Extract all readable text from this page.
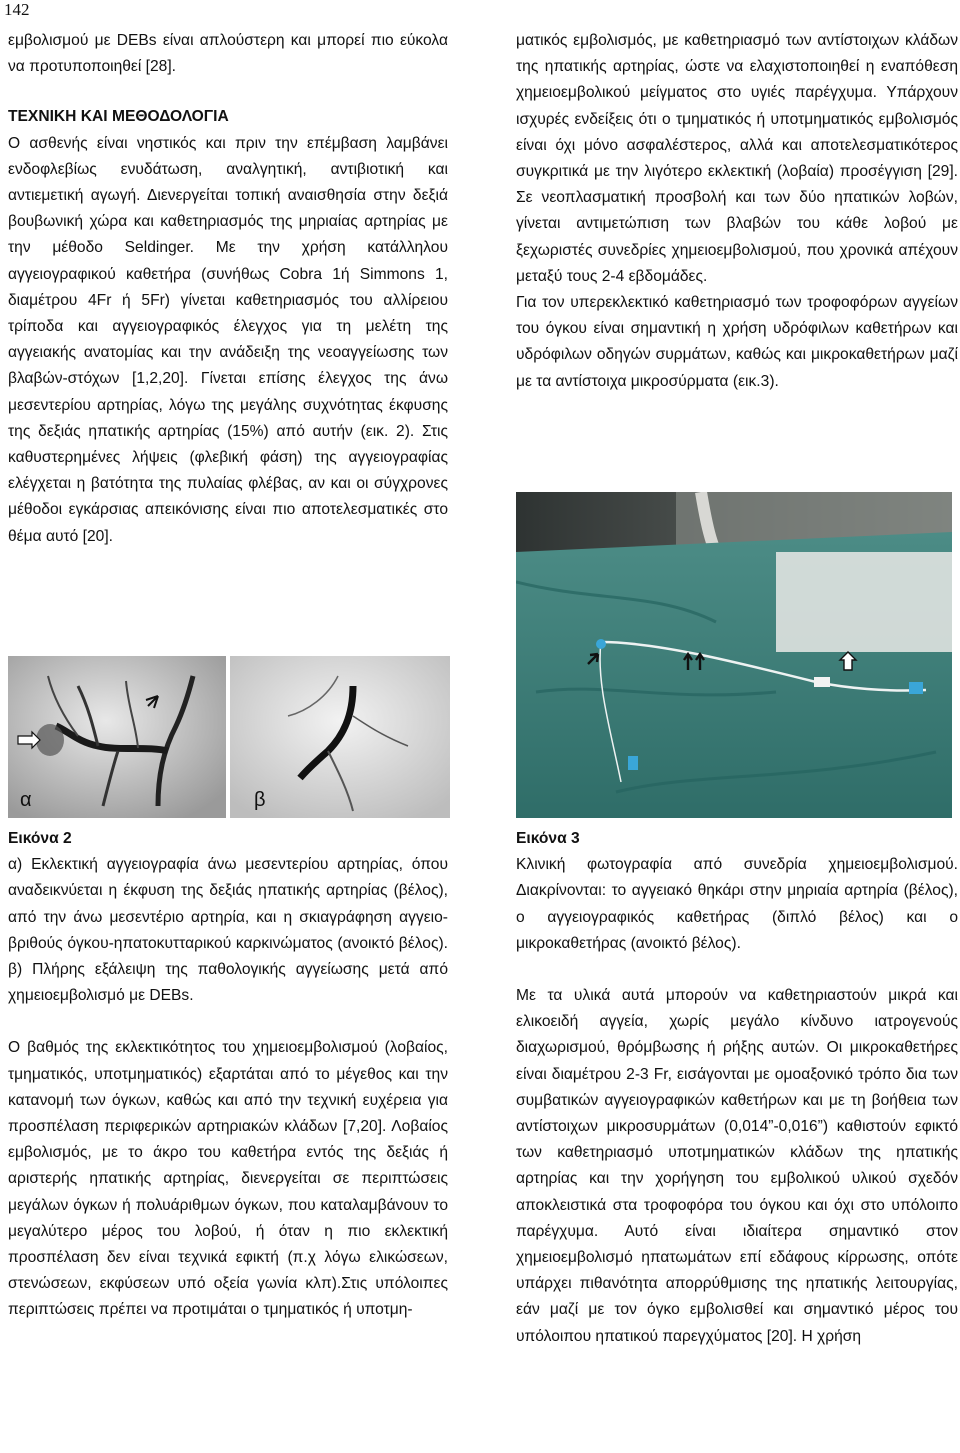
142

εμβολισμού με DEBs είναι απλούστερη και μπορεί πιο εύκολα να προτυποποιηθεί [28].

ΤΕΧΝΙΚΗ ΚΑΙ ΜΕΘΟΔΟΛΟΓΙΑ

Ο ασθενής είναι νηστικός και πριν την επέμβαση λαμβάνει ενδοφλεβίως ενυδάτωση, αναλγητική, αντιβιοτική και αντιεμετική αγωγή. Διενεργείται τοπική αναισθησία στην δεξιά βουβωνική χώρα και καθετηριασμός της μηριαίας αρτηρίας με την μέθοδο Seldinger. Με την χρήση κατάλληλου αγγειογραφικού καθετήρα (συνήθως Cobra 1ή Simmons 1, διαμέτρου 4Fr ή 5Fr) γίνεται καθετηριασμός του αλλίρειου τρίποδα και αγγειογραφικός έλεγχος για τη μελέτη της αγγειακής ανατομίας και την ανάδειξη της νεοαγγείωσης των βλαβών-στόχων [1,2,20]. Γίνεται επίσης έλεγχος της άνω μεσεντερίου αρτηρίας, λόγω της μεγάλης συχνότητας έκφυσης της δεξιάς ηπατικής αρτηρίας (15%) από αυτήν (εικ. 2). Στις καθυστερημένες λήψεις (φλεβική φάση) της αγγειογραφίας ελέγχεται η βατότητα της πυλαίας φλέβας, αν και οι σύγχρονες μέθοδοι εγκάρσιας απεικόνισης είναι πιο αποτελεσματικές στο θέμα αυτό [20].

ματικός εμβολισμός, με καθετηριασμό των αντίστοιχων κλάδων της ηπατικής αρτηρίας, ώστε να ελαχιστοποιηθεί η εναπόθεση χημειοεμβολικού μείγματος στο υγιές παρέγχυμα. Υπάρχουν ισχυρές ενδείξεις ότι ο τμηματικός ή υποτμηματικός εμβολισμός είναι όχι μόνο ασφαλέστερος, αλλά και αποτελεσματικότερος συγκριτικά με την λιγότερο εκλεκτική (λοβαία) προσέγγιση [29]. Σε νεοπλασματική προσβολή και των δύο ηπατικών λοβών, γίνεται αντιμετώπιση των βλαβών του κάθε λοβού με ξεχωριστές συνεδρίες χημειοεμβολισμού, που χρονικά απέχουν μεταξύ τους 2-4 εβδομάδες.

Για τον υπερεκλεκτικό καθετηριασμό των τροφοφόρων αγγείων του όγκου είναι σημαντική η χρήση υδρόφιλων καθετήρων και υδρόφιλων οδηγών συρμάτων, καθώς και μικροκαθετήρων μαζί με τα αντίστοιχα μικροσύρματα (εικ.3).

α	β

Εικόνα 2

α) Εκλεκτική αγγειογραφία άνω μεσεντερίου αρτηρίας, όπου αναδεικνύεται η έκφυση της δεξιάς ηπατικής αρτηρίας (βέλος), από την άνω μεσεντέριο αρτηρία, και η σκιαγράφηση αγγειοβριθούς όγκου-ηπατοκυτταρικού καρκινώματος (ανοικτό βέλος). β) Πλήρης εξάλειψη της παθολογικής αγγείωσης μετά από χημειοεμβολισμό με DEBs.

Ο βαθμός της εκλεκτικότητος του χημειοεμβολισμού (λοβαίος, τμηματικός, υποτμηματικός) εξαρτάται από το μέγεθος και την κατανομή των όγκων, καθώς και από την τεχνική ευχέρεια για προσπέλαση περιφερικών αρτηριακών κλάδων [7,20]. Λοβαίος εμβολισμός, με το άκρο του καθετήρα εντός της δεξιάς ή αριστερής ηπατικής αρτηρίας, διενεργείται σε περιπτώσεις μεγάλων όγκων ή πολυάριθμων όγκων, που καταλαμβάνουν το μεγαλύτερο μέρος του λοβού, ή όταν η πιο εκλεκτική προσπέλαση δεν είναι τεχνικά εφικτή (π.χ λόγω ελικώσεων, στενώσεων, εκφύσεων υπό οξεία γωνία κλπ).Στις υπόλοιπες περιπτώσεις πρέπει να προτιμάται ο τμηματικός ή υποτμη-

Εικόνα 3

Κλινική φωτογραφία από συνεδρία χημειοεμβολισμού. Διακρίνονται: το αγγειακό θηκάρι στην μηριαία αρτηρία (βέλος), ο αγγειογραφικός καθετήρας (διπλό βέλος) και ο μικροκαθετήρας (ανοικτό βέλος).

Με τα υλικά αυτά μπορούν να καθετηριαστούν μικρά και ελικοειδή αγγεία, χωρίς μεγάλο κίνδυνο ιατρογενούς διαχωρισμού, θρόμβωσης ή ρήξης αυτών. Οι μικροκαθετήρες είναι διαμέτρου 2-3 Fr, εισάγονται με ομοαξονικό τρόπο δια των συμβατικών αγγειογραφικών καθετήρων και με τη βοήθεια των αντίστοιχων μικροσυρμάτων (0,014”-0,016”) καθιστούν εφικτό των καθετηριασμό υποτμηματικών κλάδων της ηπατικής αρτηρίας και την χορήγηση του εμβολικού υλικού σχεδόν αποκλειστικά στα τροφοφόρα του όγκου και όχι στο υπόλοιπο παρέγχυμα. Αυτό είναι ιδιαίτερα σημαντικό στον χημειοεμβολισμό ηπατωμάτων επί εδάφους κίρρωσης, οπότε υπάρχει πιθανότητα απορρύθμισης της ηπατικής λειτουργίας, εάν μαζί με τον όγκο εμβολισθεί και σημαντικό μέρος του υπόλοιπου ηπατικού παρεγχύματος [20]. Η χρήση
